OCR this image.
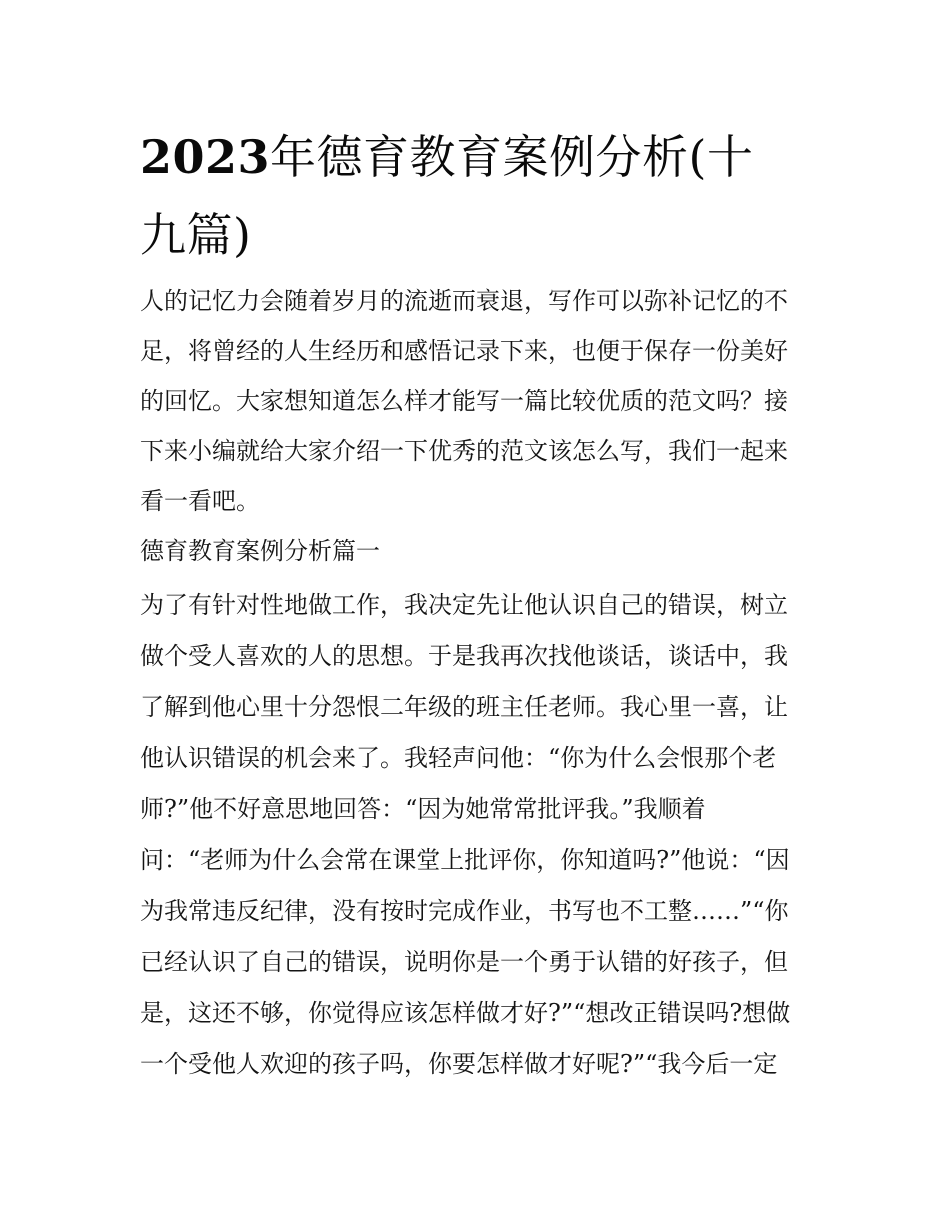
2023年德育教育案例分析(十
九篇)

人的记忆力会随着岁月的流逝而衰退，写作可以弥补记忆的不

足，将曾经的人生经历和感悟记录下来，也便于保存一份美好

的回忆。大家想知道怎么样才能写一篇比较优质的范文吗？接

下来小编就给大家介绍一下优秀的范文该怎么写，我们一起来

看一看吧。

德育教育案例分析篇一

为了有针对性地做工作，我决定先让他认识自己的错误，树立

做个受人喜欢的人的思想。于是我再次找他谈话，谈话中，我

了解到他心里十分怨恨二年级的班主任老师。我心里一喜，让

他认识错误的机会来了。我轻声问他：“你为什么会恨那个老

师?”他不好意思地回答：“因为她常常批评我。”我顺着

问：“老师为什么会常在课堂上批评你，你知道吗?”他说：“因

为我常违反纪律，没有按时完成作业，书写也不工整……”“你

已经认识了自己的错误，说明你是一个勇于认错的好孩子，但

是，这还不够，你觉得应该怎样做才好?”“想改正错误吗?想做

一个受他人欢迎的孩子吗，你要怎样做才好呢?”“我今后一定
